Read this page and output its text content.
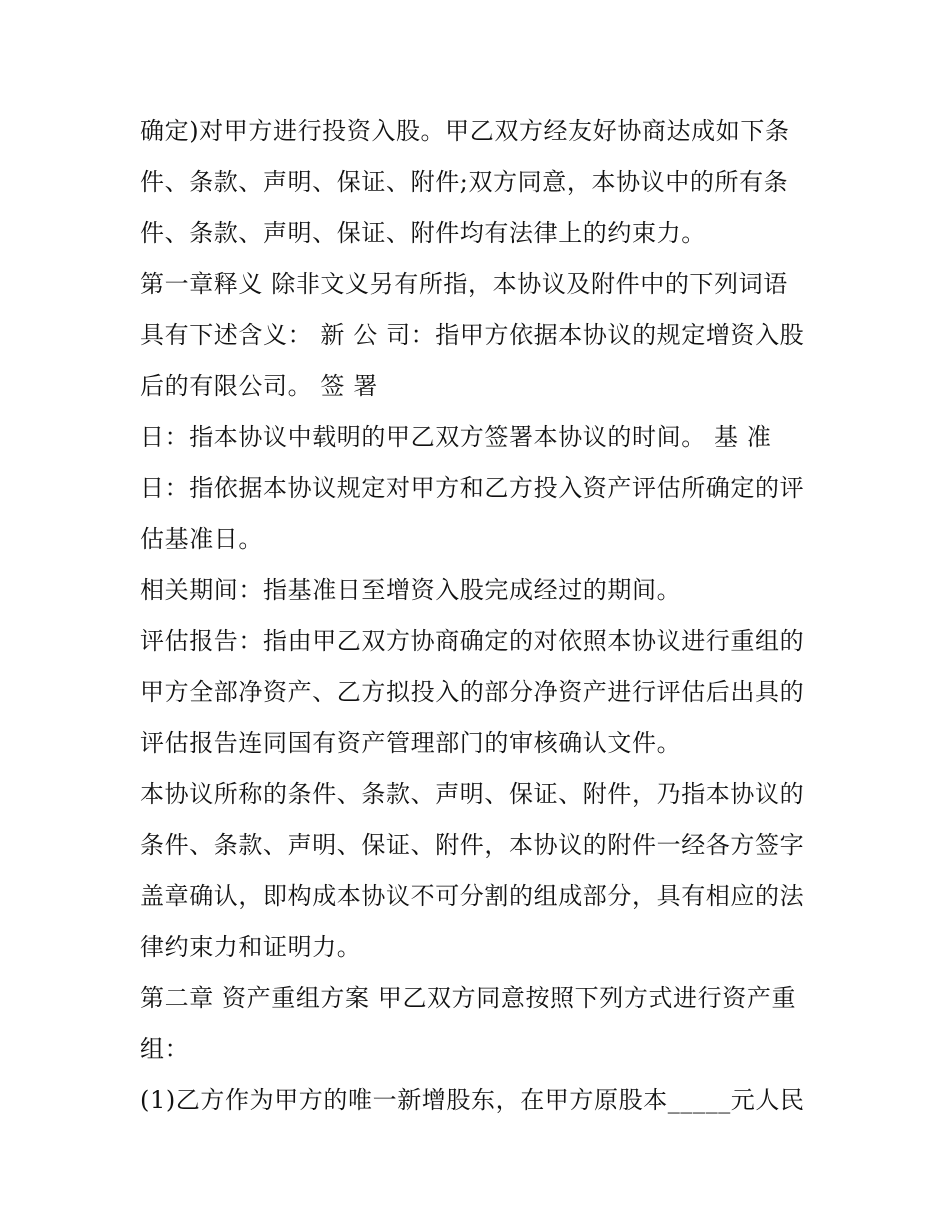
确定)对甲方进行投资入股。甲乙双方经友好协商达成如下条
件、条款、声明、保证、附件;双方同意，本协议中的所有条
件、条款、声明、保证、附件均有法律上的约束力。
第一章释义 除非文义另有所指，本协议及附件中的下列词语
具有下述含义： 新 公 司：指甲方依据本协议的规定增资入股
后的有限公司。 签 署
日：指本协议中载明的甲乙双方签署本协议的时间。 基 准
日：指依据本协议规定对甲方和乙方投入资产评估所确定的评
估基准日。
相关期间：指基准日至增资入股完成经过的期间。
评估报告：指由甲乙双方协商确定的对依照本协议进行重组的
甲方全部净资产、乙方拟投入的部分净资产进行评估后出具的
评估报告连同国有资产管理部门的审核确认文件。
本协议所称的条件、条款、声明、保证、附件，乃指本协议的
条件、条款、声明、保证、附件，本协议的附件一经各方签字
盖章确认，即构成本协议不可分割的组成部分，具有相应的法
律约束力和证明力。
第二章 资产重组方案 甲乙双方同意按照下列方式进行资产重
组：
(1)乙方作为甲方的唯一新增股东，在甲方原股本_____元人民
